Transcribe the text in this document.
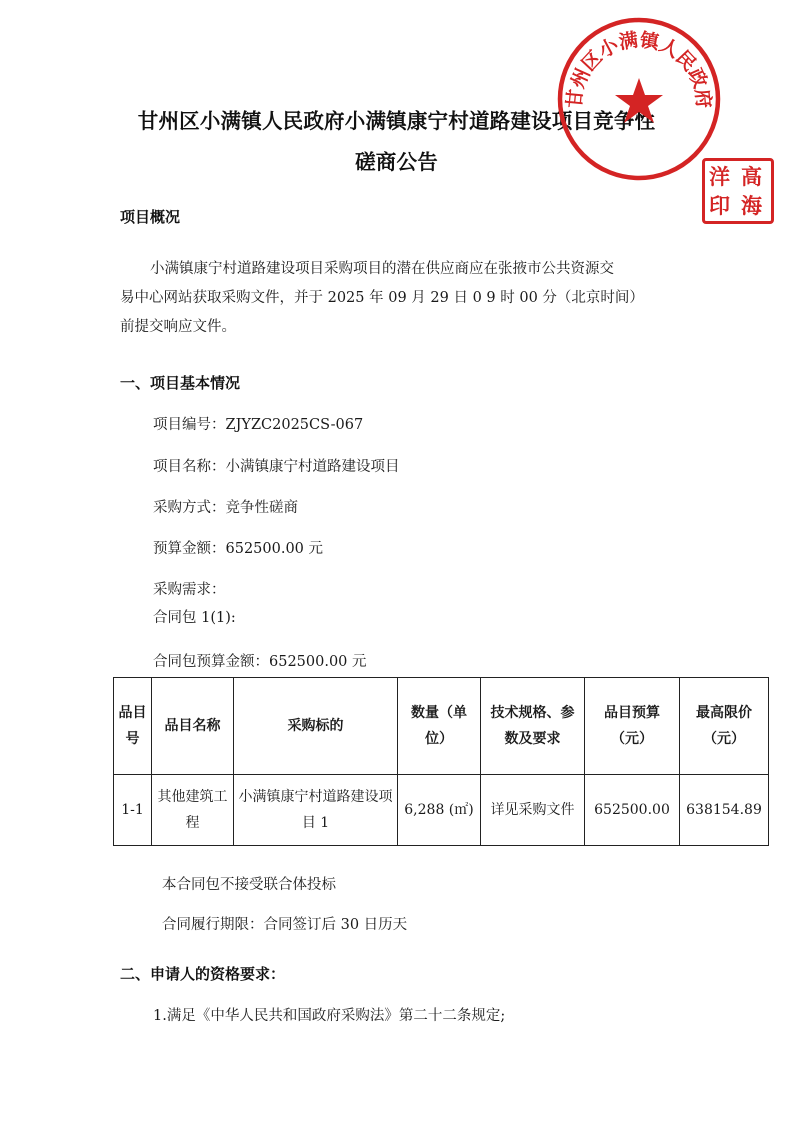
甘州区小满镇人民政府小满镇康宁村道路建设项目竞争性
磋商公告
项目概况
小满镇康宁村道路建设项目采购项目的潜在供应商应在张掖市公共资源交
易中心网站获取采购文件，并于 2025 年 09 月 29 日 0 9 时 00 分（北京时间）
前提交响应文件。
一、项目基本情况
项目编号：ZJYZC2025CS-067
项目名称：小满镇康宁村道路建设项目
采购方式：竞争性磋商
预算金额：652500.00 元
采购需求：
合同包 1(1):
合同包预算金额：652500.00 元
品目号	品目名称	采购标的	数量（单位）	技术规格、参数及要求	品目预算（元）	最高限价（元）
1-1	其他建筑工程	小满镇康宁村道路建设项目 1	6,288 (㎡)	详见采购文件	652500.00	638154.89
本合同包不接受联合体投标
合同履行期限：合同签订后 30 日历天
二、申请人的资格要求：
1.满足《中华人民共和国政府采购法》第二十二条规定;
甘州区小满镇人民政府
洋 高
印 海
